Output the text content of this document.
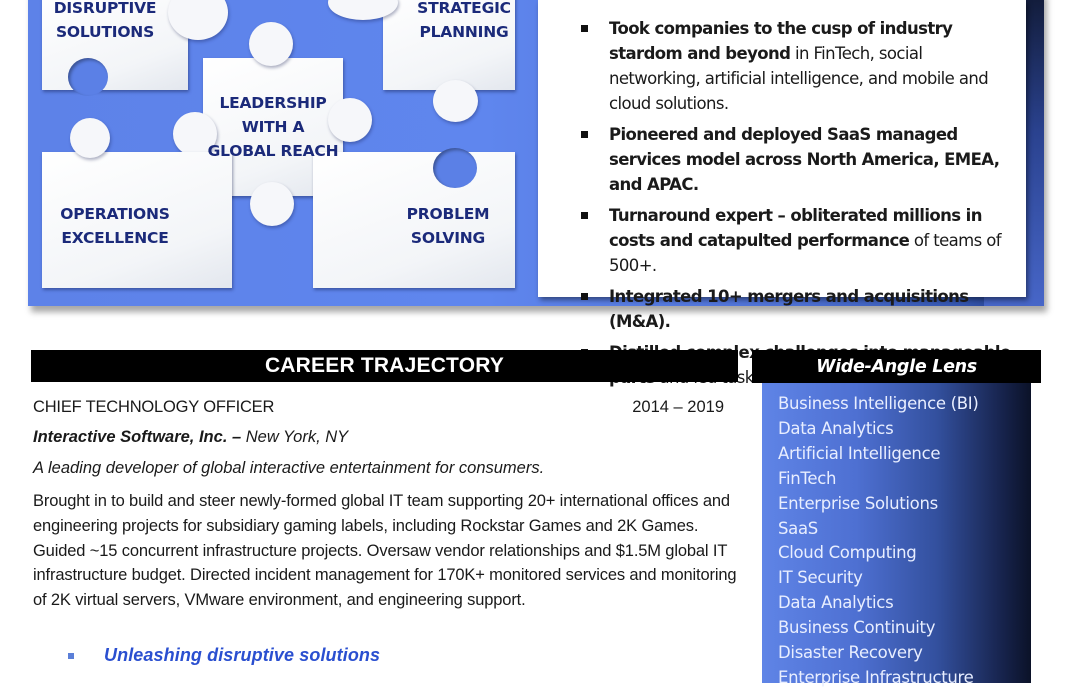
DISRUPTIVE
SOLUTIONS
STRATEGIC
PLANNING
LEADERSHIP
WITH A
GLOBAL REACH
OPERATIONS
EXCELLENCE
PROBLEM
SOLVING
Took companies to the cusp of industry stardom and beyond in FinTech, social networking, artificial intelligence, and mobile and cloud solutions.
Pioneered and deployed SaaS managed services model across North America, EMEA, and APAC.
Turnaround expert – obliterated millions in costs and catapulted performance of teams of 500+.
Integrated 10+ mergers and acquisitions (M&A).
CAREER TRAJECTORY
CHIEF TECHNOLOGY OFFICER	2014 – 2019
Interactive Software, Inc. – New York, NY
A leading developer of global interactive entertainment for consumers.
Brought in to build and steer newly-formed global IT team supporting 20+ international offices and engineering projects for subsidiary gaming labels, including Rockstar Games and 2K Games. Guided ~15 concurrent infrastructure projects. Oversaw vendor relationships and $1.5M global IT infrastructure budget. Directed incident management for 170K+ monitored services and monitoring of 2K virtual servers, VMware environment, and engineering support.
Unleashing disruptive solutions
Wide-Angle Lens
Business Intelligence (BI)
Data Analytics
Artificial Intelligence
FinTech
Enterprise Solutions
SaaS
Cloud Computing
IT Security
Data Analytics
Business Continuity
Disaster Recovery
Enterprise Infrastructure
